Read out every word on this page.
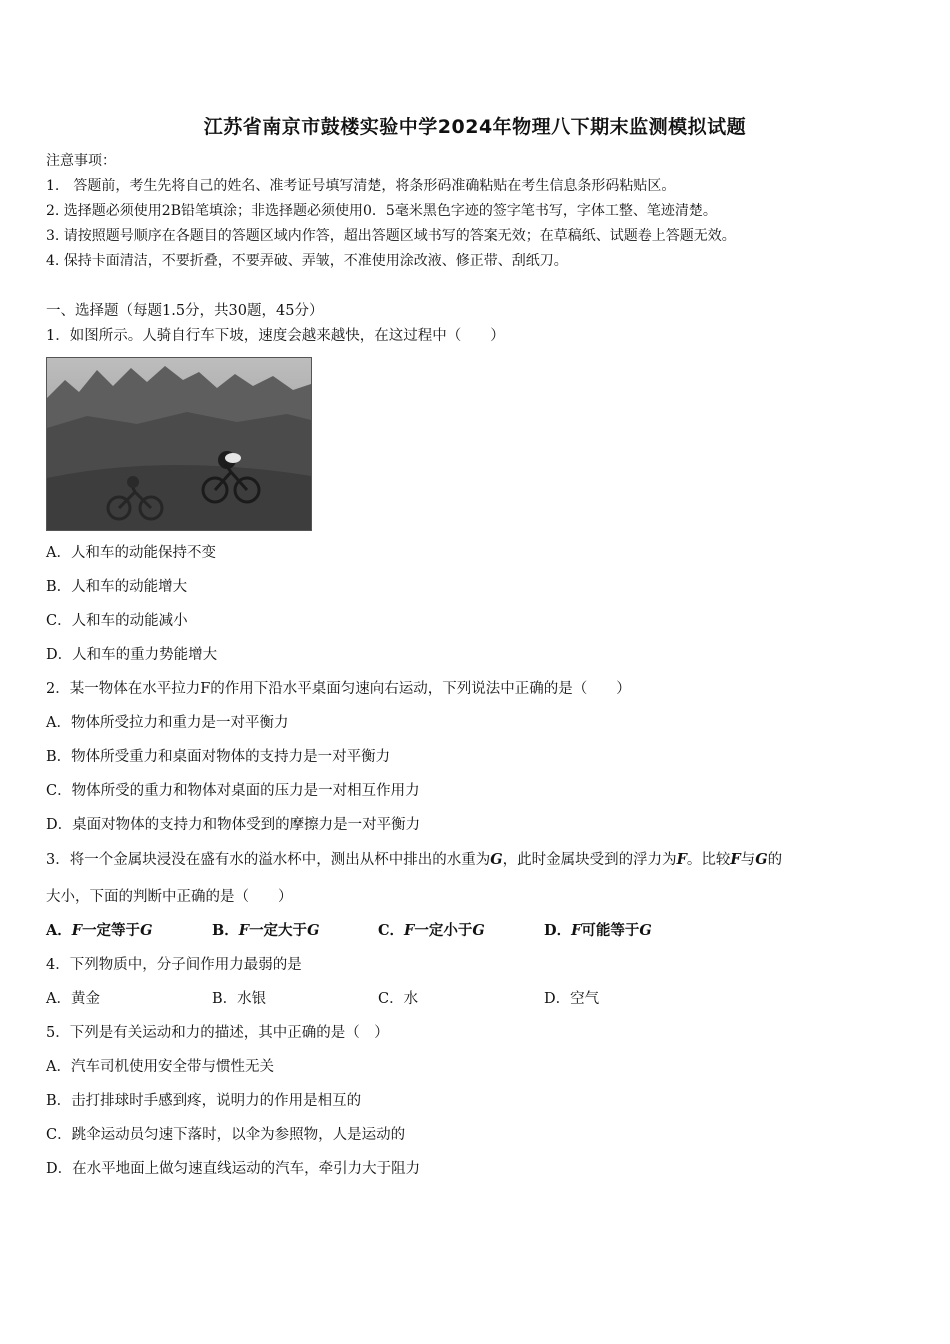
江苏省南京市鼓楼实验中学2024年物理八下期末监测模拟试题
注意事项：
1.　答题前，考生先将自己的姓名、准考证号填写清楚，将条形码准确粘贴在考生信息条形码粘贴区。
2. 选择题必须使用2B铅笔填涂；非选择题必须使用0．5毫米黑色字迹的签字笔书写，字体工整、笔迹清楚。
3. 请按照题号顺序在各题目的答题区域内作答，超出答题区域书写的答案无效；在草稿纸、试题卷上答题无效。
4. 保持卡面清洁，不要折叠，不要弄破、弄皱，不准使用涂改液、修正带、刮纸刀。
一、选择题（每题1.5分，共30题，45分）
1．如图所示。人骑自行车下坡，速度会越来越快，在这过程中（　　）
A．人和车的动能保持不变
B．人和车的动能增大
C．人和车的动能减小
D．人和车的重力势能增大
2．某一物体在水平拉力F的作用下沿水平桌面匀速向右运动，下列说法中正确的是（　　）
A．物体所受拉力和重力是一对平衡力
B．物体所受重力和桌面对物体的支持力是一对平衡力
C．物体所受的重力和物体对桌面的压力是一对相互作用力
D．桌面对物体的支持力和物体受到的摩擦力是一对平衡力
3．将一个金属块浸没在盛有水的溢水杯中，测出从杯中排出的水重为G，此时金属块受到的浮力为F。比较F与G的
大小，下面的判断中正确的是（　　）
A．F一定等于G	B．F一定大于G	C．F一定小于G	D．F可能等于G
4．下列物质中，分子间作用力最弱的是
A．黄金	B．水银	C．水	D．空气
5．下列是有关运动和力的描述，其中正确的是（　）
A．汽车司机使用安全带与惯性无关
B．击打排球时手感到疼，说明力的作用是相互的
C．跳伞运动员匀速下落时，以伞为参照物，人是运动的
D．在水平地面上做匀速直线运动的汽车，牵引力大于阻力
